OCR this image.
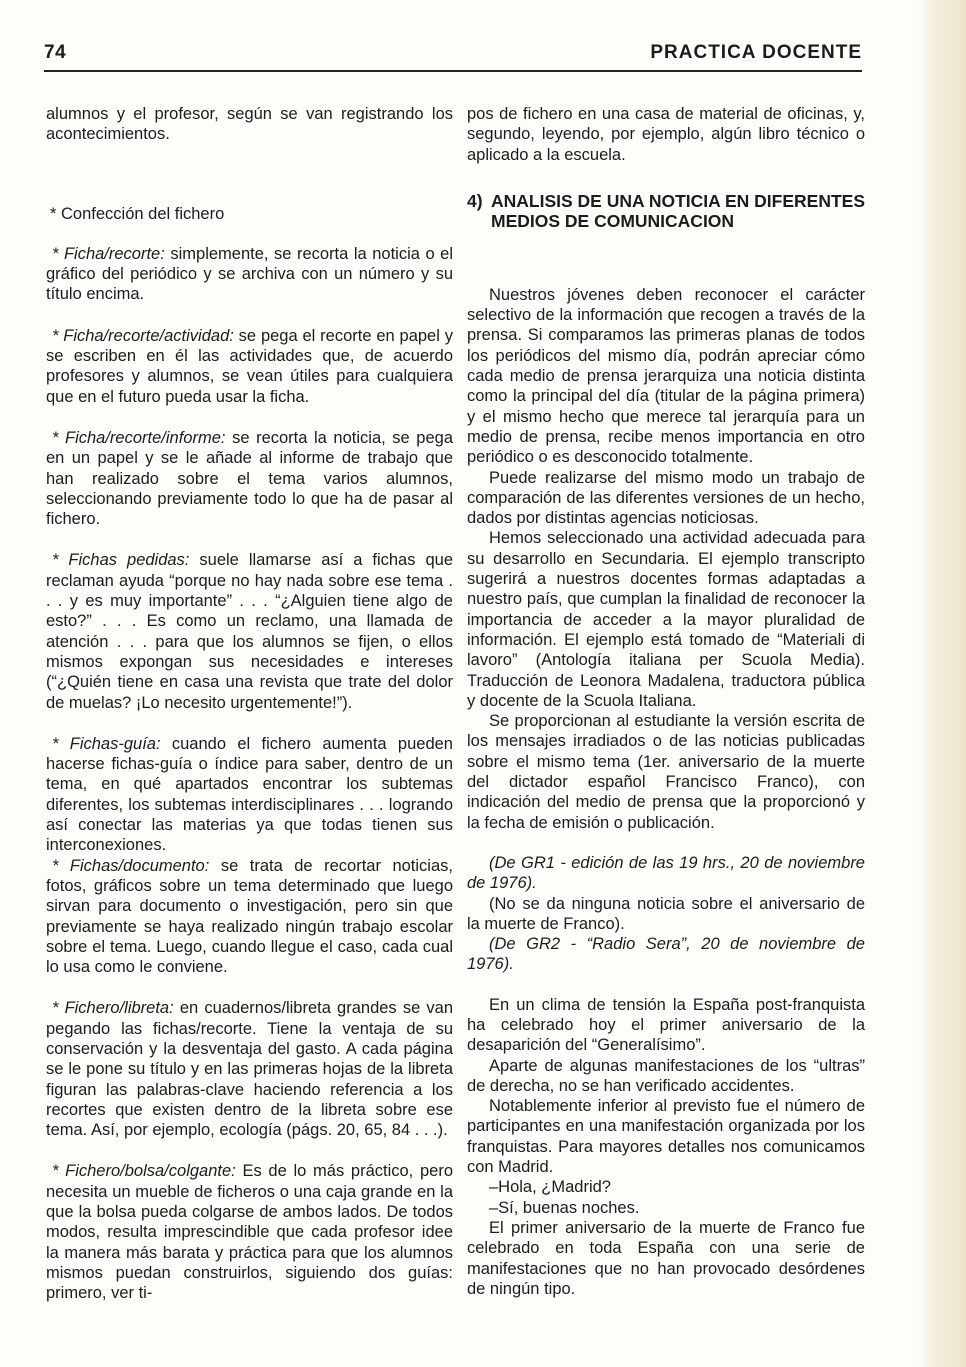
74	PRACTICA DOCENTE

alumnos y el profesor, según se van registrando los acontecimientos.

* Confección del fichero

* Ficha/recorte: simplemente, se recorta la noticia o el gráfico del periódico y se archiva con un número y su título encima.

* Ficha/recorte/actividad: se pega el recorte en papel y se escriben en él las actividades que, de acuerdo profesores y alumnos, se vean útiles para cualquiera que en el futuro pueda usar la ficha.

* Ficha/recorte/informe: se recorta la noticia, se pega en un papel y se le añade al informe de trabajo que han realizado sobre el tema varios alumnos, seleccionando previamente todo lo que ha de pasar al fichero.

* Fichas pedidas: suele llamarse así a fichas que reclaman ayuda “porque no hay nada sobre ese tema . . . y es muy importante” . . . “¿Alguien tiene algo de esto?” . . . Es como un reclamo, una llamada de atención . . . para que los alumnos se fijen, o ellos mismos expongan sus necesidades e intereses (“¿Quién tiene en casa una revista que trate del dolor de muelas? ¡Lo necesito urgentemente!”).

* Fichas-guía: cuando el fichero aumenta pueden hacerse fichas-guía o índice para saber, dentro de un tema, en qué apartados encontrar los subtemas diferentes, los subtemas interdisciplinares . . . logrando así conectar las materias ya que todas tienen sus interconexiones.

* Fichas/documento: se trata de recortar noticias, fotos, gráficos sobre un tema determinado que luego sirvan para documento o investigación, pero sin que previamente se haya realizado ningún trabajo escolar sobre el tema. Luego, cuando llegue el caso, cada cual lo usa como le conviene.

* Fichero/libreta: en cuadernos/libreta grandes se van pegando las fichas/recorte. Tiene la ventaja de su conservación y la desventaja del gasto. A cada página se le pone su título y en las primeras hojas de la libreta figuran las palabras-clave haciendo referencia a los recortes que existen dentro de la libreta sobre ese tema. Así, por ejemplo, ecología (págs. 20, 65, 84 . . .).

* Fichero/bolsa/colgante: Es de lo más práctico, pero necesita un mueble de ficheros o una caja grande en la que la bolsa pueda colgarse de ambos lados. De todos modos, resulta imprescindible que cada profesor idee la manera más barata y práctica para que los alumnos mismos puedan construirlos, siguiendo dos guías: primero, ver ti-

pos de fichero en una casa de material de oficinas, y, segundo, leyendo, por ejemplo, algún libro técnico o aplicado a la escuela.

4) ANALISIS DE UNA NOTICIA EN DIFERENTES MEDIOS DE COMUNICACION

Nuestros jóvenes deben reconocer el carácter selectivo de la información que recogen a través de la prensa. Si comparamos las primeras planas de todos los periódicos del mismo día, podrán apreciar cómo cada medio de prensa jerarquiza una noticia distinta como la principal del día (titular de la página primera) y el mismo hecho que merece tal jerarquía para un medio de prensa, recibe menos importancia en otro periódico o es desconocido totalmente.

Puede realizarse del mismo modo un trabajo de comparación de las diferentes versiones de un hecho, dados por distintas agencias noticiosas.

Hemos seleccionado una actividad adecuada para su desarrollo en Secundaria. El ejemplo transcripto sugerirá a nuestros docentes formas adaptadas a nuestro país, que cumplan la finalidad de reconocer la importancia de acceder a la mayor pluralidad de información. El ejemplo está tomado de “Materiali di lavoro” (Antología italiana per Scuola Media). Traducción de Leonora Madalena, traductora pública y docente de la Scuola Italiana.

Se proporcionan al estudiante la versión escrita de los mensajes irradiados o de las noticias publicadas sobre el mismo tema (1er. aniversario de la muerte del dictador español Francisco Franco), con indicación del medio de prensa que la proporcionó y la fecha de emisión o publicación.

(De GR1 - edición de las 19 hrs., 20 de noviembre de 1976).

(No se da ninguna noticia sobre el aniversario de la muerte de Franco).

(De GR2 - “Radio Sera”, 20 de noviembre de 1976).

En un clima de tensión la España post-franquista ha celebrado hoy el primer aniversario de la desaparición del “Generalísimo”.

Aparte de algunas manifestaciones de los “ultras” de derecha, no se han verificado accidentes.

Notablemente inferior al previsto fue el número de participantes en una manifestación organizada por los franquistas. Para mayores detalles nos comunicamos con Madrid.

–Hola, ¿Madrid?

–Sí, buenas noches.

El primer aniversario de la muerte de Franco fue celebrado en toda España con una serie de manifestaciones que no han provocado desórdenes de ningún tipo.
